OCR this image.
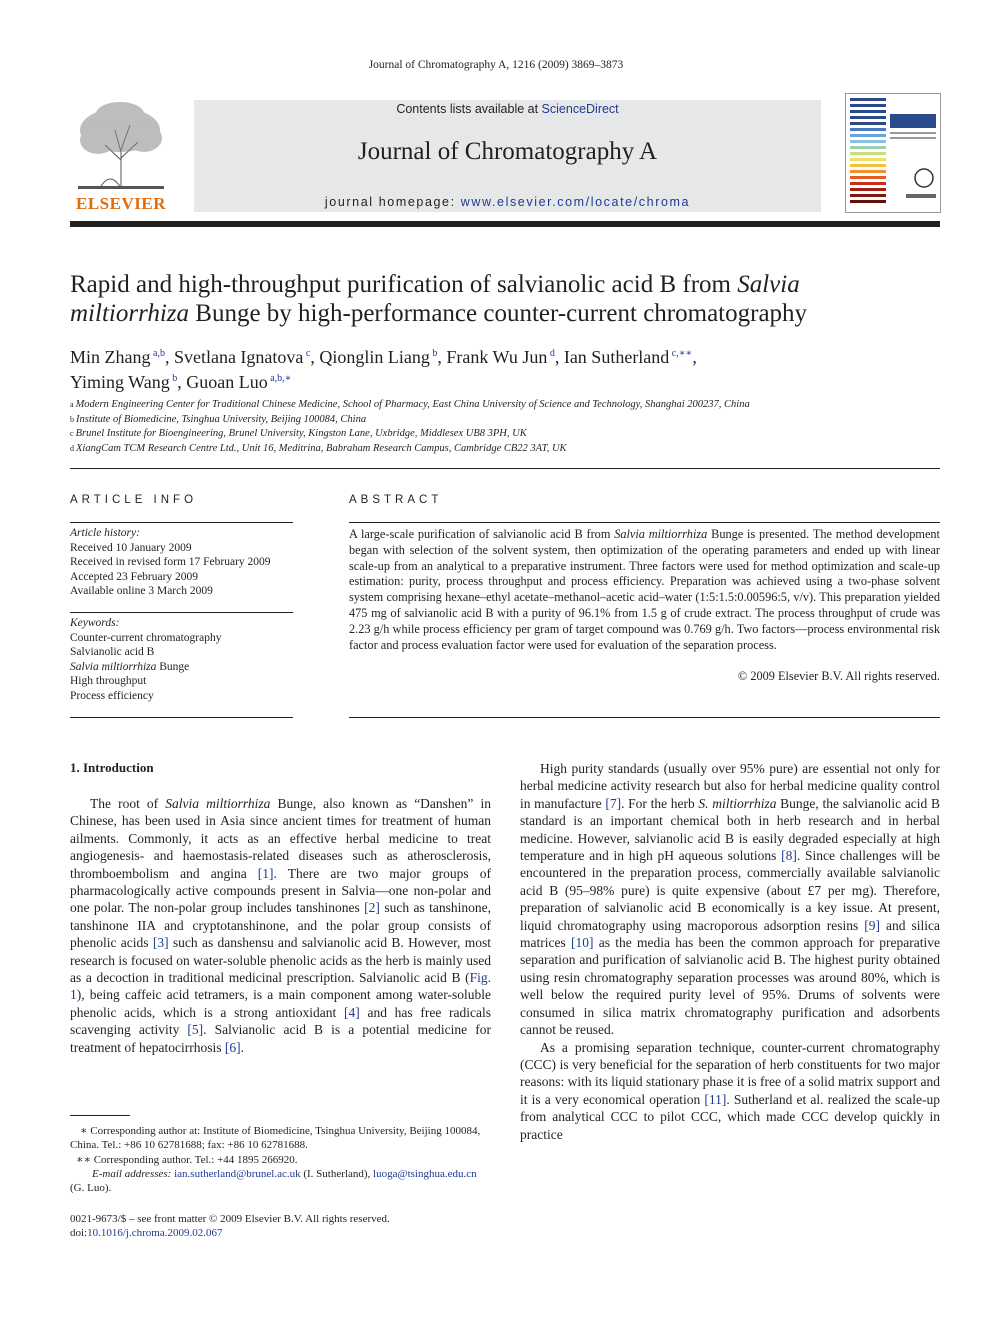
Journal of Chromatography A, 1216 (2009) 3869–3873
ELSEVIER
Contents lists available at ScienceDirect
Journal of Chromatography A
journal homepage: www.elsevier.com/locate/chroma
Rapid and high-throughput purification of salvianolic acid B from Salvia miltiorrhiza Bunge by high-performance counter-current chromatography
Min Zhang $^{a,b}$, Svetlana Ignatova $^c$, Qionglin Liang $^b$, Frank Wu Jun $^d$, Ian Sutherland $^{c,∗∗}$,
Yiming Wang $^b$, Guoan Luo $^{a,b,∗}$
$^a$ Modern Engineering Center for Traditional Chinese Medicine, School of Pharmacy, East China University of Science and Technology, Shanghai 200237, China
$^b$ Institute of Biomedicine, Tsinghua University, Beijing 100084, China
$^c$ Brunel Institute for Bioengineering, Brunel University, Kingston Lane, Uxbridge, Middlesex UB8 3PH, UK
$^d$ XiangCam TCM Research Centre Ltd., Unit 16, Meditrina, Babraham Research Campus, Cambridge CB22 3AT, UK
ARTICLE INFO	ABSTRACT
Article history:
Received 10 January 2009
Received in revised form 17 February 2009
Accepted 23 February 2009
Available online 3 March 2009
Keywords:
Counter-current chromatography
Salvianolic acid B
Salvia miltiorrhiza Bunge
High throughput
Process efficiency
A large-scale purification of salvianolic acid B from Salvia miltiorrhiza Bunge is presented. The method development began with selection of the solvent system, then optimization of the operating parameters and ended up with linear scale-up from an analytical to a preparative instrument. Three factors were used for method optimization and scale-up estimation: purity, process throughput and process efficiency. Preparation was achieved using a two-phase solvent system comprising hexane–ethyl acetate–methanol–acetic acid–water (1:5:1.5:0.00596:5, v/v). This preparation yielded 475 mg of salvianolic acid B with a purity of 96.1% from 1.5 g of crude extract. The process throughput of crude was 2.23 g/h while process efficiency per gram of target compound was 0.769 g/h. Two factors—process environmental risk factor and process evaluation factor were used for evaluation of the separation process.
© 2009 Elsevier B.V. All rights reserved.
1. Introduction

The root of Salvia miltiorrhiza Bunge, also known as “Danshen” in Chinese, has been used in Asia since ancient times for treatment of human ailments. Commonly, it acts as an effective herbal medicine to treat angiogenesis- and haemostasis-related diseases such as atherosclerosis, thromboembolism and angina [1]. There are two major groups of pharmacologically active compounds present in Salvia—one non-polar and one polar. The non-polar group includes tanshinones [2] such as tanshinone, tanshinone IIA and cryptotanshinone, and the polar group consists of phenolic acids [3] such as danshensu and salvianolic acid B. However, most research is focused on water-soluble phenolic acids as the herb is mainly used as a decoction in traditional medicinal prescription. Salvianolic acid B (Fig. 1), being caffeic acid tetramers, is a main component among water-soluble phenolic acids, which is a strong antioxidant [4] and has free radicals scavenging activity [5]. Salvianolic acid B is a potential medicine for treatment of hepatocirrhosis [6].

High purity standards (usually over 95% pure) are essential not only for herbal medicine activity research but also for herbal medicine quality control in manufacture [7]. For the herb S. miltiorrhiza Bunge, the salvianolic acid B standard is an important chemical both in herb research and in herbal medicine. However, salvianolic acid B is easily degraded especially at high temperature and in high pH aqueous solutions [8]. Since challenges will be encountered in the preparation process, commercially available salvianolic acid B (95–98% pure) is quite expensive (about £7 per mg). Therefore, preparation of salvianolic acid B economically is a key issue. At present, liquid chromatography using macroporous adsorption resins [9] and silica matrices [10] as the media has been the common approach for preparative separation and purification of salvianolic acid B. The highest purity obtained using resin chromatography separation processes was around 80%, which is well below the required purity level of 95%. Drums of solvents were consumed in silica matrix chromatography purification and adsorbents cannot be reused.

As a promising separation technique, counter-current chromatography (CCC) is very beneficial for the separation of herb constituents for two major reasons: with its liquid stationary phase it is free of a solid matrix support and it is a very economical operation [11]. Sutherland et al. realized the scale-up from analytical CCC to pilot CCC, which made CCC develop quickly in practice

∗ Corresponding author at: Institute of Biomedicine, Tsinghua University, Beijing 100084, China. Tel.: +86 10 62781688; fax: +86 10 62781688.
∗∗ Corresponding author. Tel.: +44 1895 266920.
E-mail addresses: ian.sutherland@brunel.ac.uk (I. Sutherland), luoga@tsinghua.edu.cn (G. Luo).
0021-9673/$ – see front matter © 2009 Elsevier B.V. All rights reserved.
doi:10.1016/j.chroma.2009.02.067
